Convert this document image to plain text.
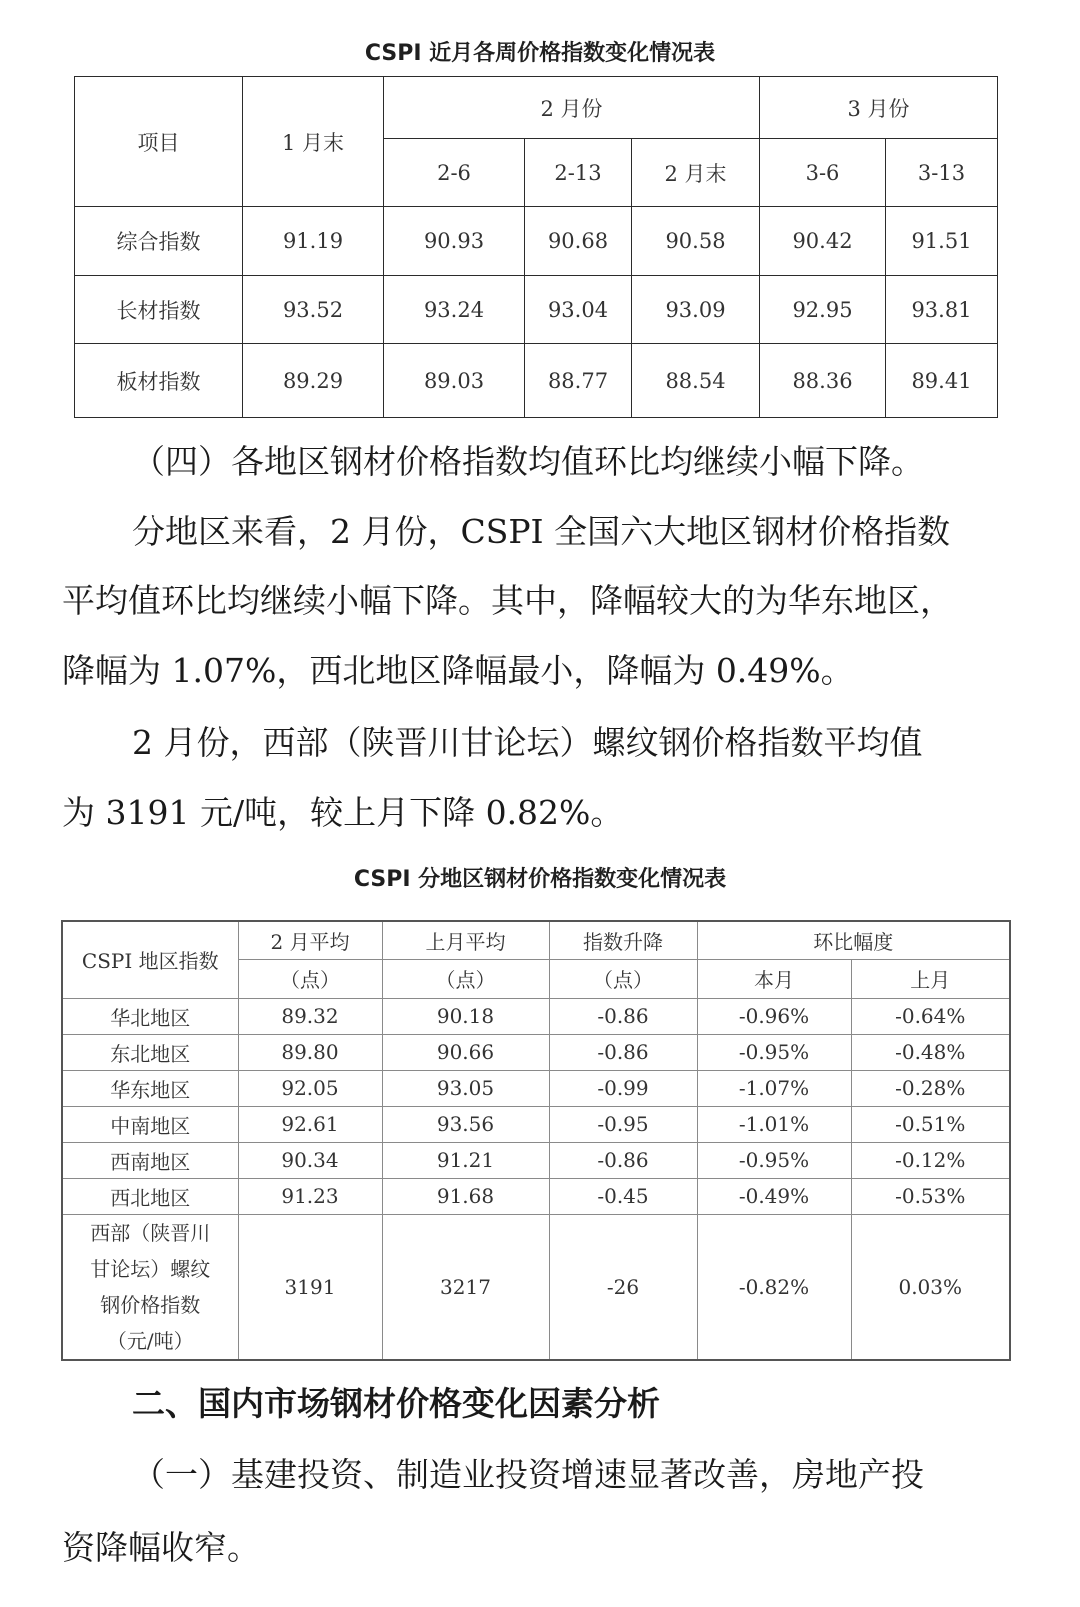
CSPI 近月各周价格指数变化情况表
项目	1 月末	2 月份			3 月份	
		2-6	2-13	2 月末	3-6	3-13
综合指数	91.19	90.93	90.68	90.58	90.42	91.51
长材指数	93.52	93.24	93.04	93.09	92.95	93.81
板材指数	89.29	89.03	88.77	88.54	88.36	89.41
（四）各地区钢材价格指数均值环比均继续小幅下降。
分地区来看，2 月份，CSPI 全国六大地区钢材价格指数
平均值环比均继续小幅下降。其中，降幅较大的为华东地区，
降幅为 1.07%，西北地区降幅最小，降幅为 0.49%。
2 月份，西部（陕晋川甘论坛）螺纹钢价格指数平均值
为 3191 元/吨，较上月下降 0.82%。
CSPI 分地区钢材价格指数变化情况表
CSPI 地区指数	2 月平均	上月平均	指数升降	环比幅度	
	（点）	（点）	（点）	本月	上月
华北地区	89.32	90.18	-0.86	-0.96%	-0.64%
东北地区	89.80	90.66	-0.86	-0.95%	-0.48%
华东地区	92.05	93.05	-0.99	-1.07%	-0.28%
中南地区	92.61	93.56	-0.95	-1.01%	-0.51%
西南地区	90.34	91.21	-0.86	-0.95%	-0.12%
西北地区	91.23	91.68	-0.45	-0.49%	-0.53%

西部（陕晋川
甘论坛）螺纹
钢价格指数
（元/吨）	3191	3217	-26	-0.82%	0.03%
二、国内市场钢材价格变化因素分析
（一）基建投资、制造业投资增速显著改善，房地产投
资降幅收窄。
